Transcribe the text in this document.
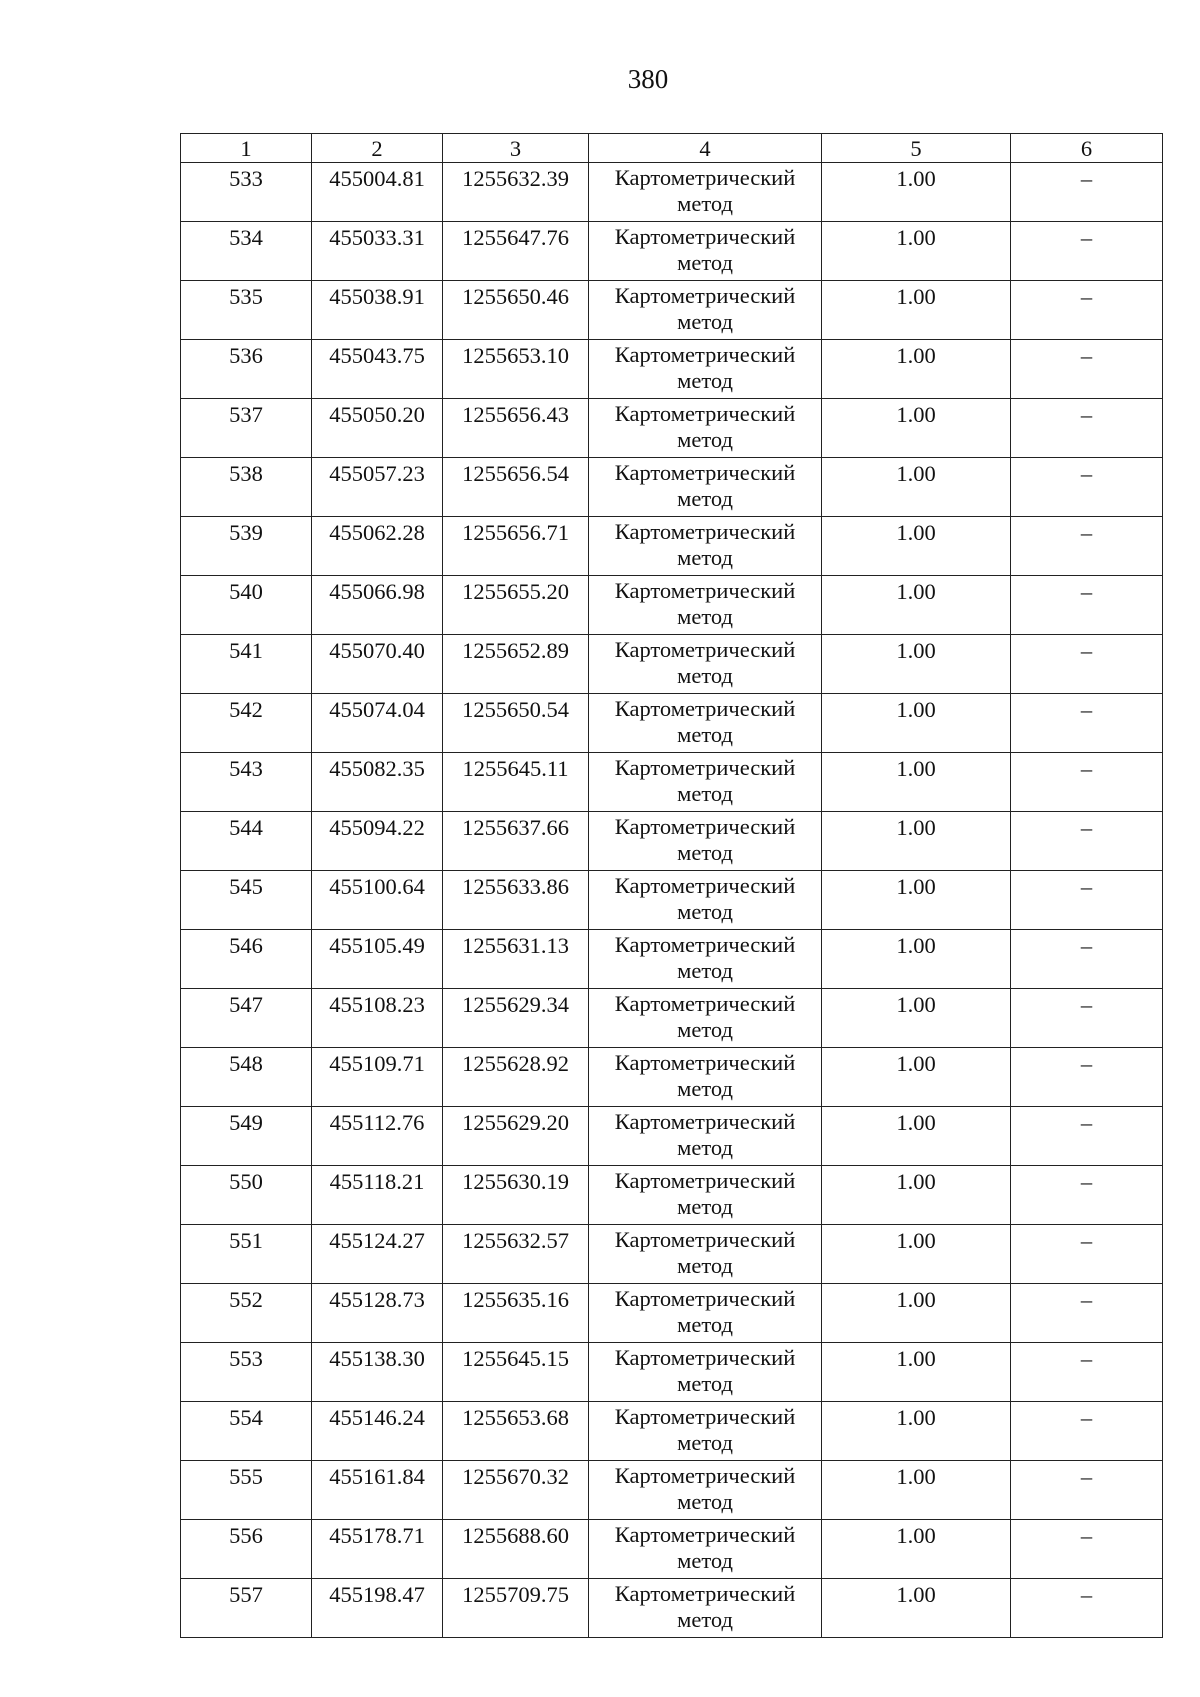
380
1	2	3	4	5	6
533	455004.81	1255632.39	Картометрический метод	1.00	–
534	455033.31	1255647.76	Картометрический метод	1.00	–
535	455038.91	1255650.46	Картометрический метод	1.00	–
536	455043.75	1255653.10	Картометрический метод	1.00	–
537	455050.20	1255656.43	Картометрический метод	1.00	–
538	455057.23	1255656.54	Картометрический метод	1.00	–
539	455062.28	1255656.71	Картометрический метод	1.00	–
540	455066.98	1255655.20	Картометрический метод	1.00	–
541	455070.40	1255652.89	Картометрический метод	1.00	–
542	455074.04	1255650.54	Картометрический метод	1.00	–
543	455082.35	1255645.11	Картометрический метод	1.00	–
544	455094.22	1255637.66	Картометрический метод	1.00	–
545	455100.64	1255633.86	Картометрический метод	1.00	–
546	455105.49	1255631.13	Картометрический метод	1.00	–
547	455108.23	1255629.34	Картометрический метод	1.00	–
548	455109.71	1255628.92	Картометрический метод	1.00	–
549	455112.76	1255629.20	Картометрический метод	1.00	–
550	455118.21	1255630.19	Картометрический метод	1.00	–
551	455124.27	1255632.57	Картометрический метод	1.00	–
552	455128.73	1255635.16	Картометрический метод	1.00	–
553	455138.30	1255645.15	Картометрический метод	1.00	–
554	455146.24	1255653.68	Картометрический метод	1.00	–
555	455161.84	1255670.32	Картометрический метод	1.00	–
556	455178.71	1255688.60	Картометрический метод	1.00	–
557	455198.47	1255709.75	Картометрический метод	1.00	–
